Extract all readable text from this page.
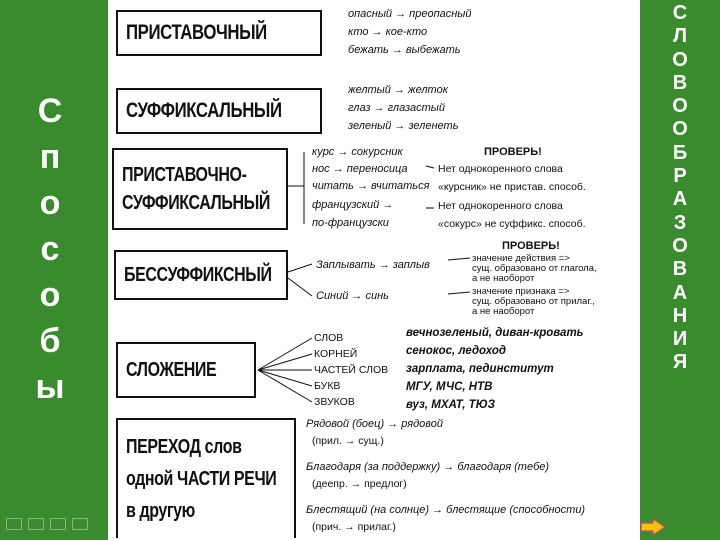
С
п
о
с
о
б
ы
С
Л
О
В
О
О
Б
Р
А
З
О
В
А
Н
И
Я
ПРИСТАВОЧНЫЙ
опасный → преопасный
кто → кое-кто
бежать → выбежать
СУФФИКСАЛЬНЫЙ
желтый → желток
глаз → глазастый
зеленый → зеленеть
ПРИСТАВОЧНО-
СУФФИКСАЛЬНЫЙ
курс → сокурсник
нос → переносица
читать → вчитаться
французский →
по-французски
ПРОВЕРЬ!
Нет однокоренного слова
«курсник» не пристав. способ.
Нет однокоренного слова
«сокурс» не суффикс. способ.
БЕССУФФИКСНЫЙ
ПРОВЕРЬ!
Заплывать → заплыв
Синий → синь
значение действия =>
сущ. образовано от глагола,
а не наоборот
значение признака =>
сущ. образовано от прилаг.,
а не наоборот
СЛОЖЕНИЕ
СЛОВ
КОРНЕЙ
ЧАСТЕЙ СЛОВ
БУКВ
ЗВУКОВ
вечнозеленый, диван-кровать
сенокос, ледоход
зарплата, пединститут
МГУ, МЧС, НТВ
вуз, МХАТ, ТЮЗ
ПЕРЕХОД слов
одной ЧАСТИ РЕЧИ
в другую
Рядовой (боец) → рядовой
(прил. → сущ.)
Благодаря (за поддержку) → благодаря (тебе)
(деепр. → предлог)
Блестящий (на солнце) → блестящие (способности)
(прич. → прилаг.)
